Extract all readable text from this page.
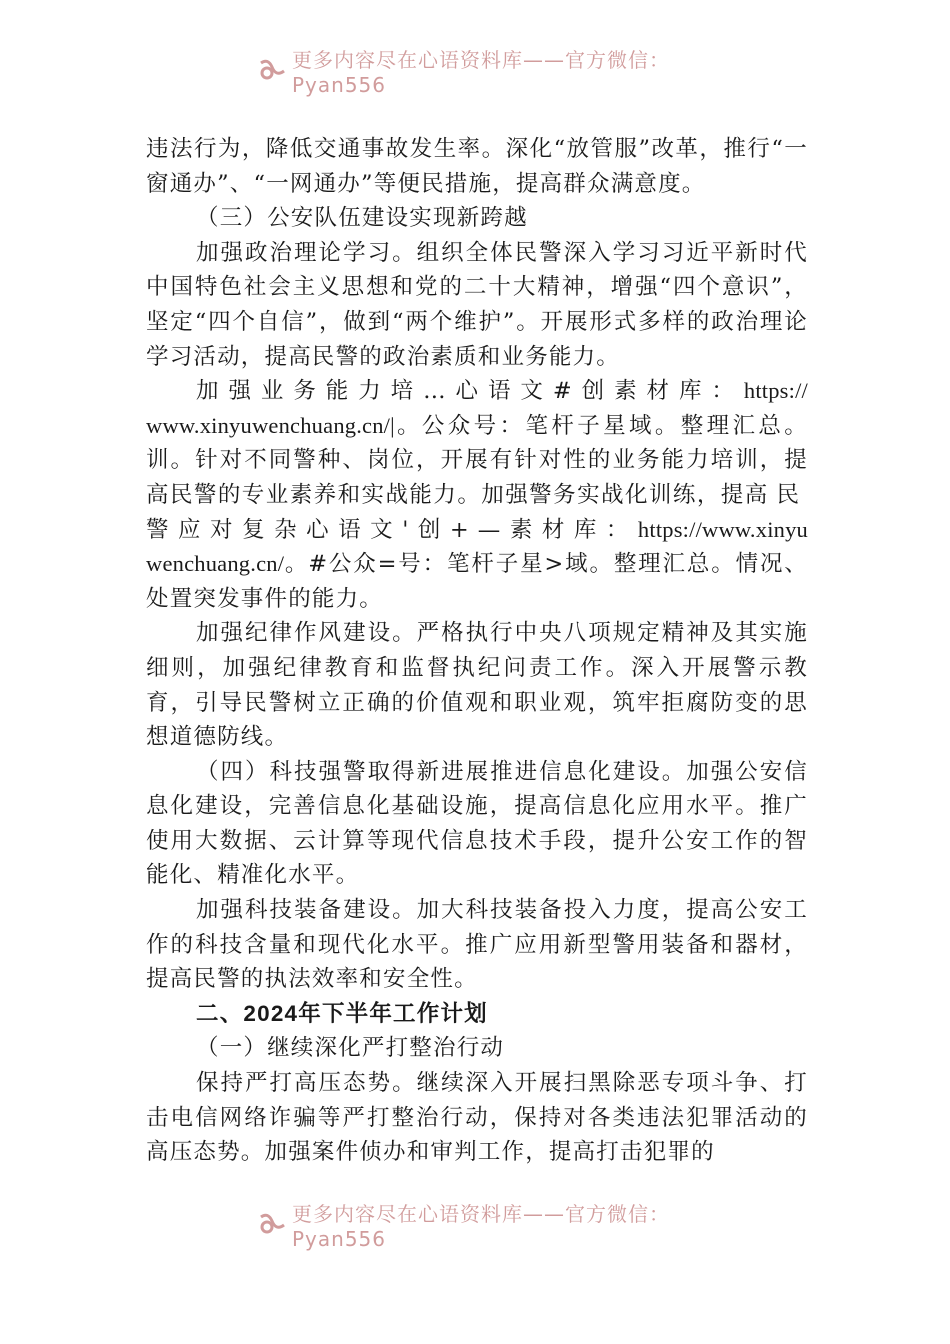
更多内容尽在心语资料库——官方微信：Pyan556

违法行为，降低交通事故发生率。深化“放管服”改革，推行“一窗通办”、“一网通办”等便民措施，提高群众满意度。

（三）公安队伍建设实现新跨越

加强政治理论学习。组织全体民警深入学习习近平新时代中国特色社会主义思想和党的二十大精神，增强“四个意识”，坚定“四个自信”，做到“两个维护”。开展形式多样的政治理论学习活动，提高民警的政治素质和业务能力。

加强业务能力培…心语文#创素材库：https://www.xinyuwenchuang.cn/|。公众号：笔杆子星域。整理汇总。训。针对不同警种、岗位，开展有针对性的业务能力培训，提高民警的专业素养和实战能力。加强警务实战化训练，提高民警应对复杂心语文'创+—素材库：https://www.xinyuwenchuang.cn/。#公众=号：笔杆子星>域。整理汇总。情况、处置突发事件的能力。

加强纪律作风建设。严格执行中央八项规定精神及其实施细则，加强纪律教育和监督执纪问责工作。深入开展警示教育，引导民警树立正确的价值观和职业观，筑牢拒腐防变的思想道德防线。

（四）科技强警取得新进展推进信息化建设。加强公安信息化建设，完善信息化基础设施，提高信息化应用水平。推广使用大数据、云计算等现代信息技术手段，提升公安工作的智能化、精准化水平。

加强科技装备建设。加大科技装备投入力度，提高公安工作的科技含量和现代化水平。推广应用新型警用装备和器材，提高民警的执法效率和安全性。

二、2024年下半年工作计划

（一）继续深化严打整治行动

保持严打高压态势。继续深入开展扫黑除恶专项斗争、打击电信网络诈骗等严打整治行动，保持对各类违法犯罪活动的高压态势。加强案件侦办和审判工作，提高打击犯罪的

更多内容尽在心语资料库——官方微信：Pyan556
